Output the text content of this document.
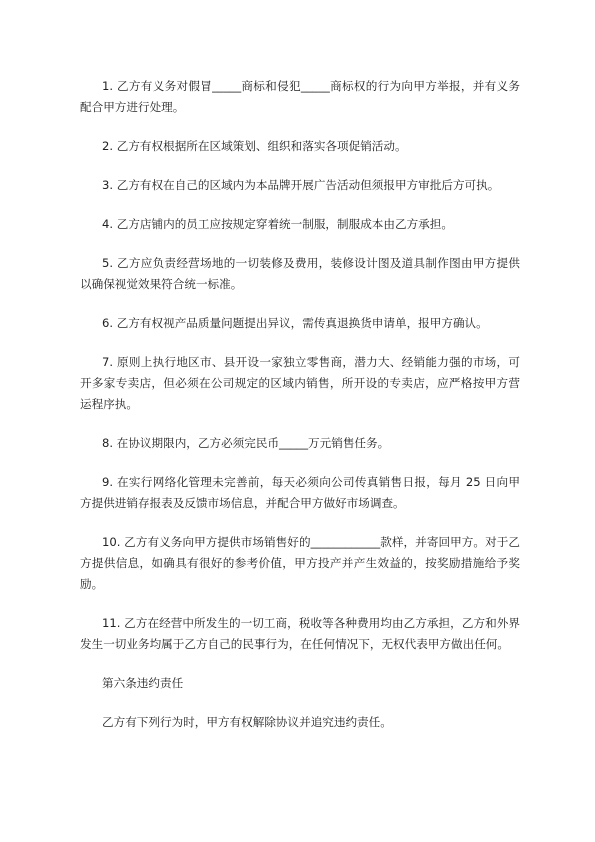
1. 乙方有义务对假冒_____商标和侵犯_____商标权的行为向甲方举报，并有义务配合甲方进行处理。

2. 乙方有权根据所在区域策划、组织和落实各项促销活动。

3. 乙方有权在自己的区域内为本品牌开展广告活动但须报甲方审批后方可执。

4. 乙方店铺内的员工应按规定穿着统一制服，制服成本由乙方承担。

5. 乙方应负责经营场地的一切装修及费用，装修设计图及道具制作图由甲方提供以确保视觉效果符合统一标准。

6. 乙方有权视产品质量问题提出异议，需传真退换货申请单，报甲方确认。

7. 原则上执行地区市、县开设一家独立零售商，潜力大、经销能力强的市场，可开多家专卖店，但必须在公司规定的区域内销售，所开设的专卖店，应严格按甲方营运程序执。

8. 在协议期限内，乙方必须完民币_____万元销售任务。

9. 在实行网络化管理未完善前，每天必须向公司传真销售日报，每月 25 日向甲方提供进销存报表及反馈市场信息，并配合甲方做好市场调查。

10. 乙方有义务向甲方提供市场销售好的____________款样，并寄回甲方。对于乙方提供信息，如确具有很好的参考价值，甲方投产并产生效益的，按奖励措施给予奖励。

11. 乙方在经营中所发生的一切工商，税收等各种费用均由乙方承担，乙方和外界发生一切业务均属于乙方自己的民事行为，在任何情况下，无权代表甲方做出任何。

第六条违约责任

乙方有下列行为时，甲方有权解除协议并追究违约责任。
